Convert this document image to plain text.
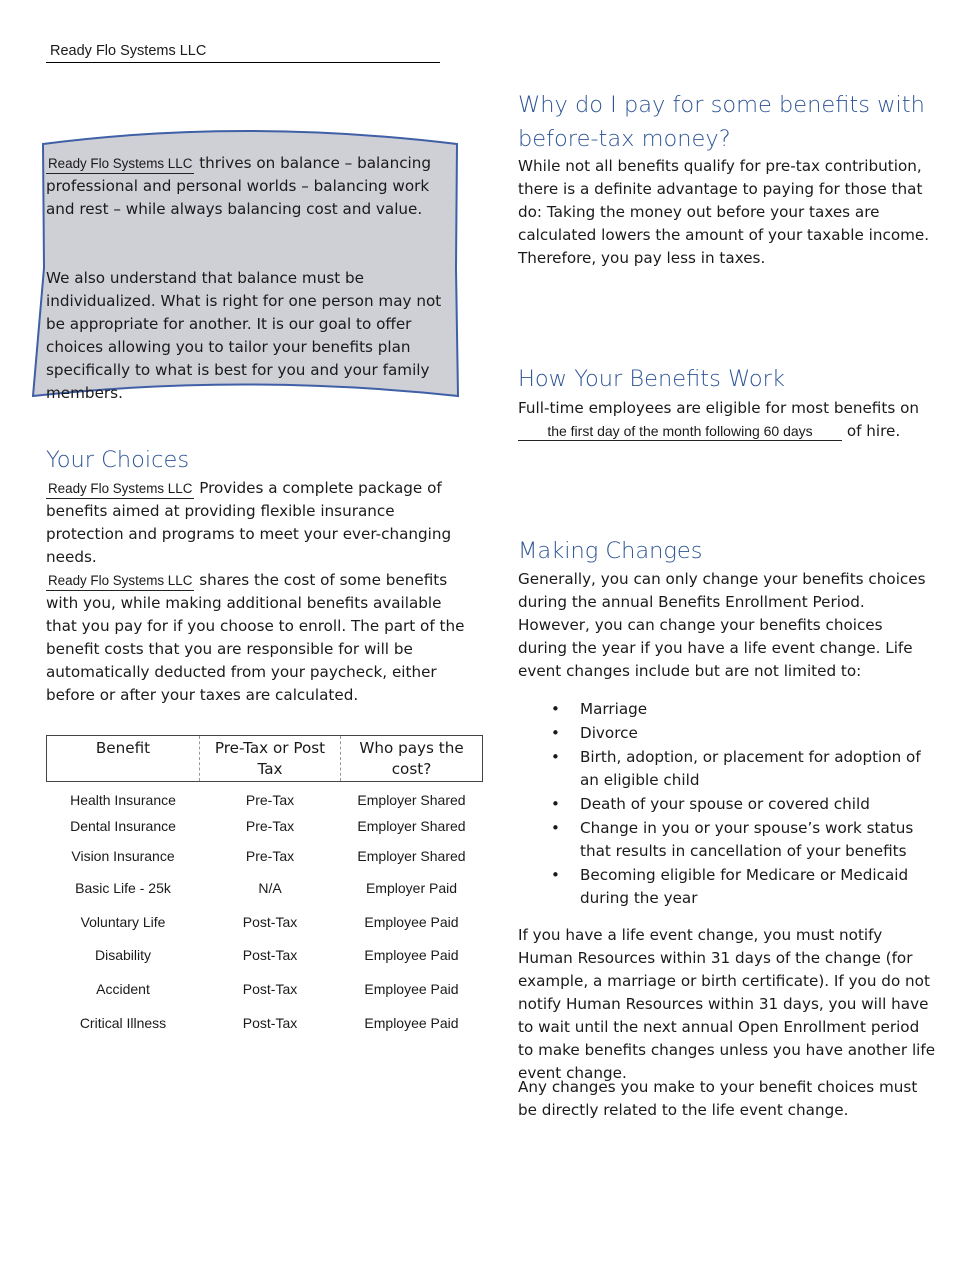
Ready Flo Systems LLC

Ready Flo Systems LLC thrives on balance – balancing professional and personal worlds – balancing work and rest – while always balancing cost and value.

We also understand that balance must be individualized. What is right for one person may not be appropriate for another. It is our goal to offer choices allowing you to tailor your benefits plan specifically to what is best for you and your family members.

Your Choices

Ready Flo Systems LLC Provides a complete package of benefits aimed at providing flexible insurance protection and programs to meet your ever-changing needs.

Ready Flo Systems LLC shares the cost of some benefits with you, while making additional benefits available that you pay for if you choose to enroll. The part of the benefit costs that you are responsible for will be automatically deducted from your paycheck, either before or after your taxes are calculated.

Benefit	Pre-Tax or Post Tax	Who pays the cost?
Health Insurance	Pre-Tax	Employer Shared
Dental Insurance	Pre-Tax	Employer Shared
Vision Insurance	Pre-Tax	Employer Shared
Basic Life - 25k	N/A	Employer Paid
Voluntary Life	Post-Tax	Employee Paid
Disability	Post-Tax	Employee Paid
Accident	Post-Tax	Employee Paid
Critical Illness	Post-Tax	Employee Paid
Why do I pay for some benefits with before-tax money?

While not all benefits qualify for pre-tax contribution, there is a definite advantage to paying for those that do: Taking the money out before your taxes are calculated lowers the amount of your taxable income. Therefore, you pay less in taxes.

How Your Benefits Work
Full-time employees are eligible for most benefits on
the first day of the month following 60 days of hire.
Making Changes

Generally, you can only change your benefits choices during the annual Benefits Enrollment Period. However, you can change your benefits choices during the year if you have a life event change. Life event changes include but are not limited to:

• Marriage
• Divorce
• Birth, adoption, or placement for adoption of an eligible child
• Death of your spouse or covered child
• Change in you or your spouse’s work status that results in cancellation of your benefits
• Becoming eligible for Medicare or Medicaid during the year

If you have a life event change, you must notify Human Resources within 31 days of the change (for example, a marriage or birth certificate). If you do not notify Human Resources within 31 days, you will have to wait until the next annual Open Enrollment period to make benefits changes unless you have another life event change.

Any changes you make to your benefit choices must be directly related to the life event change.
